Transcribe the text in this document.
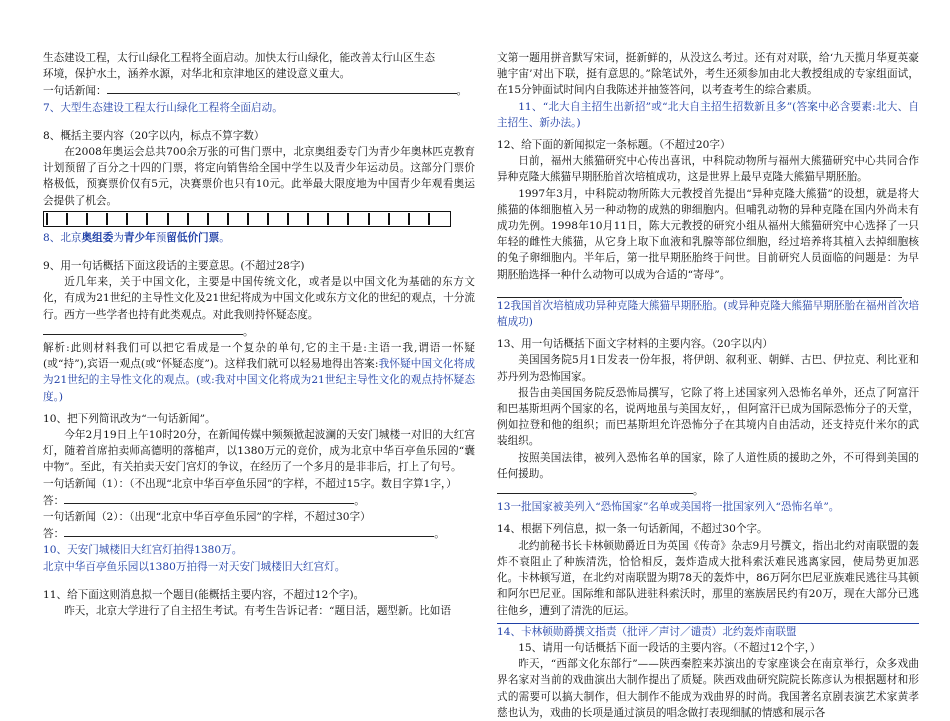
生态建设工程，太行山绿化工程将全面启动。加快太行山绿化，能改善太行山区生态
环境，保护水土，涵养水源，对华北和京津地区的建设意义重大。

一句话新闻：	。

7、大型生态建设工程太行山绿化工程将全面启动。

8、概括主要内容（20字以内，标点不算字数）

在2008年奥运会总共700余万张的可售门票中，北京奥组委专门为青少年奥林匹克教育计划预留了百分之十四的门票，将定向销售给全国中学生以及青少年运动员。这部分门票价格极低，预赛票价仅有5元，决赛票价也只有10元。此举最大限度地为中国青少年观看奥运会提供了机会。

8、北京奥组委为青少年预留低价门票。

9、用一句话概括下面这段话的主要意思。(不超过28字)

近几年来，关于中国文化，主要是中国传统文化，或者是以中国文化为基础的东方文化，有成为21世纪的主导性文化及21世纪将成为中国文化或东方文化的世纪的观点，十分流行。西方一些学者也持有此类观点。对此我则持怀疑态度。

。

解析:此则材料我们可以把它看成是一个复杂的单句,它的主干是:主语一我,谓语一怀疑(或“持”),宾语一观点(或“怀疑态度”)。这样我们就可以轻易地得出答案:我怀疑中国文化将成为21世纪的主导性文化的观点。(或:我对中国文化将成为21世纪主导性文化的观点持怀疑态度。)

10、把下列简讯改为“一句话新闻”。

今年2月19日上午10时20分，在新闻传媒中频频掀起波澜的天安门城楼一对旧的大红宫灯，随着首席拍卖师高德明的落槌声，以1380万元的竞价，成为北京中华百亭鱼乐园的“囊中物”。至此，有关拍卖天安门宫灯的争议，在经历了一个多月的是非非后，打上了句号。

一句话新闻（1）：（不出现“北京中华百亭鱼乐园”的字样，不超过15字。数目字算1字，）

答：	。

一句话新闻（2）：（出现“北京中华百亭鱼乐园”的字样，不超过30字）

答：	。

10、天安门城楼旧大红宫灯拍得1380万。

北京中华百亭鱼乐园以1380万拍得一对天安门城楼旧大红宫灯。

11、给下面这则消息拟一个题目(能概括主要内容，不超过12个字)。

昨天，北京大学进行了自主招生考试。有考生告诉记者：“题目活，题型新。比如语

文第一题用拼音默写宋词，挺新鲜的，从没这么考过。还有对对联，给‘九天揽月华夏英豪驰宇宙’对出下联，挺有意思的。”除笔试外，考生还须参加由北大教授组成的专家组面试，在15分钟面试时间内自我陈述并抽签答问，以考查考生的综合素质。

11、“北大自主招生出新招”或“北大自主招生招数新且多”(答案中必含要素:北大、自主招生、新办法。)

12、给下面的新闻拟定一条标题。（不超过20字）

日前，福州大熊猫研究中心传出喜讯，中科院动物所与福州大熊猫研究中心共同合作异种克隆大熊猫早期胚胎首次培植成功，这是世界上最早克隆大熊猫早期胚胎。

1997年3月，中科院动物所陈大元教授首先提出“异种克隆大熊猫”的设想，就是将大熊猫的体细胞植入另一种动物的成熟的卵细胞内。但哺乳动物的异种克隆在国内外尚未有成功先例。1998年10月11日，陈大元教授的研究小组从福州大熊猫研究中心选择了一只年轻的雌性大熊猫，从它身上取下血液和乳腺等部位细胞，经过培养将其植入去掉细胞核的兔子卵细胞内。半年后，第一批早期胚胎终于问世。目前研究人员面临的问题是：为早期胚胎选择一种什么动物可以成为合适的“寄母”。

12我国首次培植成功异种克隆大熊猫早期胚胎。(或异种克隆大熊猫早期胚胎在福州首次培植成功)

13、用一句话概括下面文字材料的主要内容。（20字以内）

美国国务院5月1日发表一份年报，将伊朗、叙利亚、朝鲜、古巴、伊拉克、利比亚和苏丹列为恐怖国家。

报告由美国国务院反恐怖局撰写，它除了将上述国家列入恐怖名单外，还点了阿富汗和巴基斯坦两个国家的名，说两地虽与美国友好，，但阿富汗已成为国际恐怖分子的天堂，例如拉登和他的组织；而巴基斯坦允许恐怖分子在其境内自由活动，还支持克什米尔的武装组织。

按照美国法律，被列入恐怖名单的国家，除了人道性质的援助之外，不可得到美国的任何援助。

。

13一批国家被美列入“恐怖国家”名单或美国将一批国家列入“恐怖名单”。

14、根据下列信息，拟一条一句话新闻，不超过30个字。

北约前秘书长卡林顿勋爵近日为英国《传奇》杂志9月号撰文，指出北约对南联盟的轰炸不衰阻止了种族清洗，恰恰相反，轰炸造成大批科索沃难民逃离家园，使局势更加恶化。卡林顿写道，在北约对南联盟为期78天的轰炸中，86万阿尔巴尼亚族难民逃往马其顿和阿尔巴尼亚。国际维和部队进驻科索沃时，那里的塞族居民约有20万，现在大部分已逃往他乡，遭到了清洗的厄运。

14、卡林顿勋爵撰文指责（批评／声讨／谴责）北约轰炸南联盟

15、请用一句话概括下面一段话的主要内容。（不超过12个字，）

昨天，“西部文化东部行”——陕西秦腔来苏演出的专家座谈会在南京举行，众多戏曲界名家对当前的戏曲演出大制作提出了质疑。陕西戏曲研究院院长陈彦认为根据题材和形式的需要可以搞大制作，但大制作不能成为戏曲界的时尚。我国著名京剧表演艺术家黄孝慈也认为，戏曲的长项是通过演员的唱念做打表现细腻的情感和展示各
